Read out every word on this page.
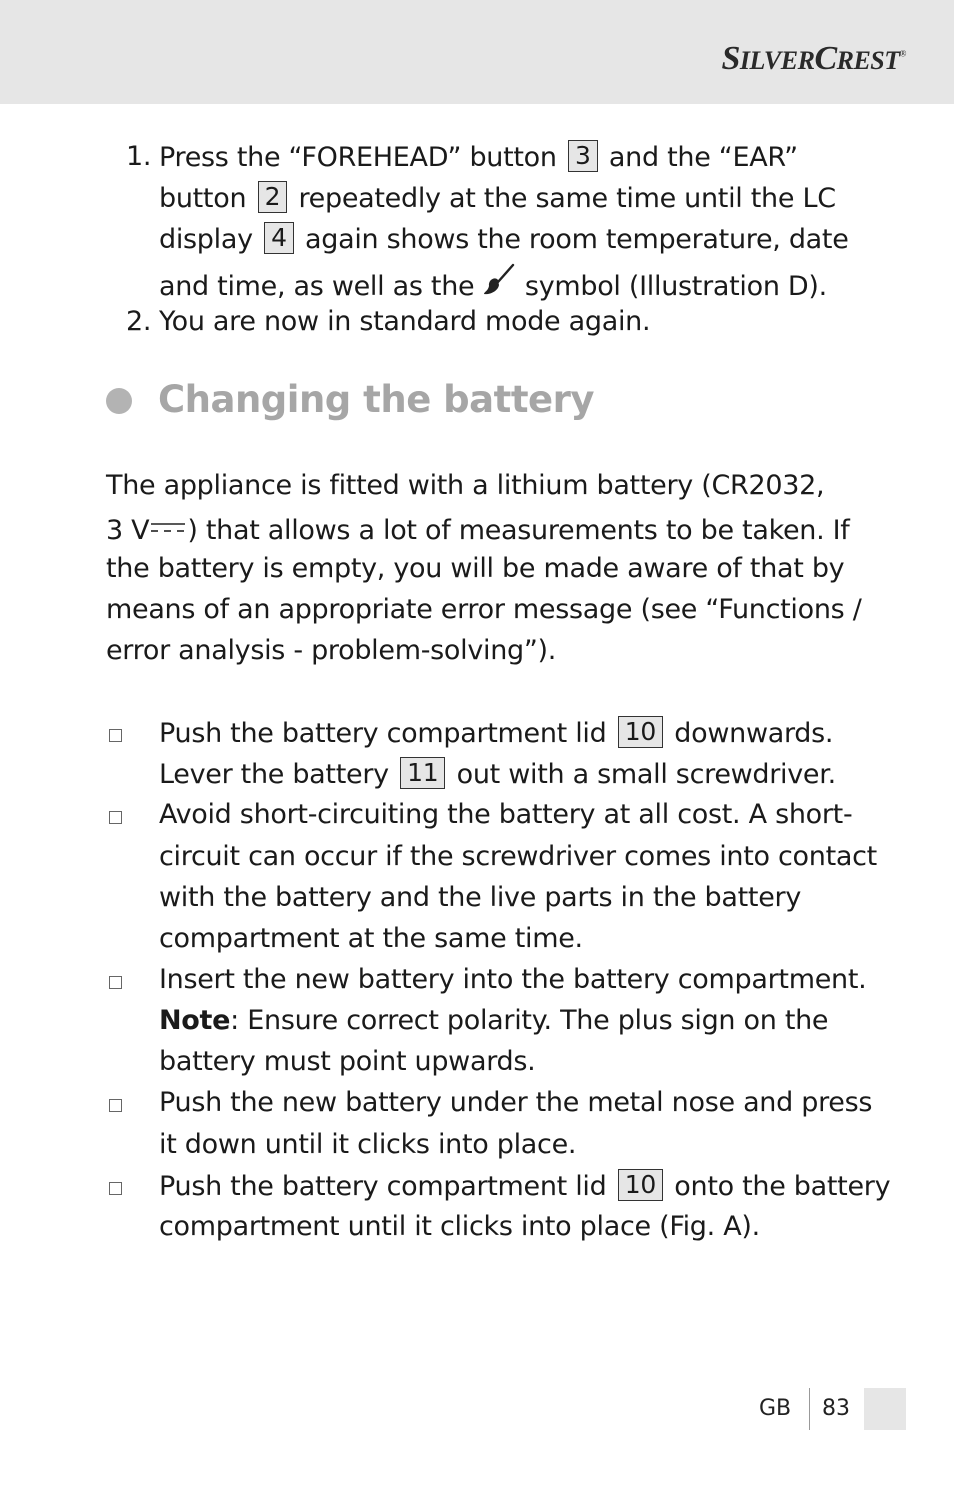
SILVERCREST®
1. Press the “FOREHEAD” button 3 and the “EAR”
button 2 repeatedly at the same time until the LC
display 4 again shows the room temperature, date
and time, as well as the symbol (Illustration D).
2. You are now in standard mode again.
Changing the battery
The appliance is fitted with a lithium battery (CR2032,
3 V ) that allows a lot of measurements to be taken. If
the battery is empty, you will be made aware of that by
means of an appropriate error message (see “Functions /
error analysis - problem-solving”).
Push the battery compartment lid 10 downwards.
Lever the battery 11 out with a small screwdriver.
Avoid short-circuiting the battery at all cost. A short-
circuit can occur if the screwdriver comes into contact
with the battery and the live parts in the battery
compartment at the same time.
Insert the new battery into the battery compartment.
Note: Ensure correct polarity. The plus sign on the
battery must point upwards.
Push the new battery under the metal nose and press
it down until it clicks into place.
Push the battery compartment lid 10 onto the battery
compartment until it clicks into place (Fig. A).
GB 83
